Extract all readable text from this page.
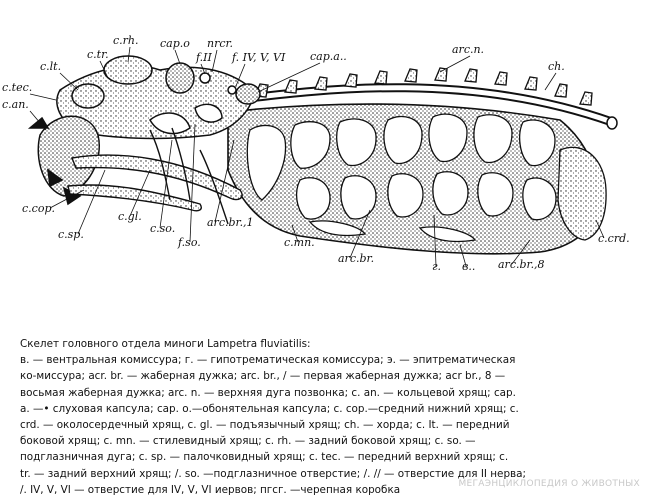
c.rh. cap.o nrcr.
c.lt.
c.tr.	f.II f. IV, V, VI cap.a..
arc.n.
ch.
c.tec.
c.an.
c.cop.
c.sp.
c.gl.
c.so.
f.so.
arc.br.,1
c.mn.
arc.br.
г. в.. arc.br.,8
c.crd.
Скелет головного отдела миноги Lampetra fluviatilis:
в. — вентральная комиссура; г. — гипотрематическая комиссура; э. — эпитрематическая
ко-миссура; acr. br. — жаберная дужка; arc. br., / — первая жаберная дужка; acr br., 8 —
восьмая жаберная дужка; arc. n. — верхняя дуга позвонка; с. an. — кольцевой хрящ; cap.
а. —• слуховая капсула; cap. о.—обонятельная капсула; с. cop.—средний нижний хрящ; с.
crd. — околосердечный хрящ, с. gl. — подъязычный хрящ; ch. — хорда; с. It. — передний
боковой хрящ; с. mn. — стилевидный хрящ; с. rh. — задний боковой хрящ; с. so. —
подглазничная дуга; с. sp. — палочковидный хрящ; с. tec. — передний верхний хрящ; с.
tr. — задний верхний хрящ; /. so. —подглазничное отверстие; /. // — отверстие для II нерва;
/. IV, V, VI — отверстие для IV, V, VI иервов; пгсг. —черепная коробка	МЕГАЭНЦИКЛОПЕДИЯ О ЖИВОТНЫХ
